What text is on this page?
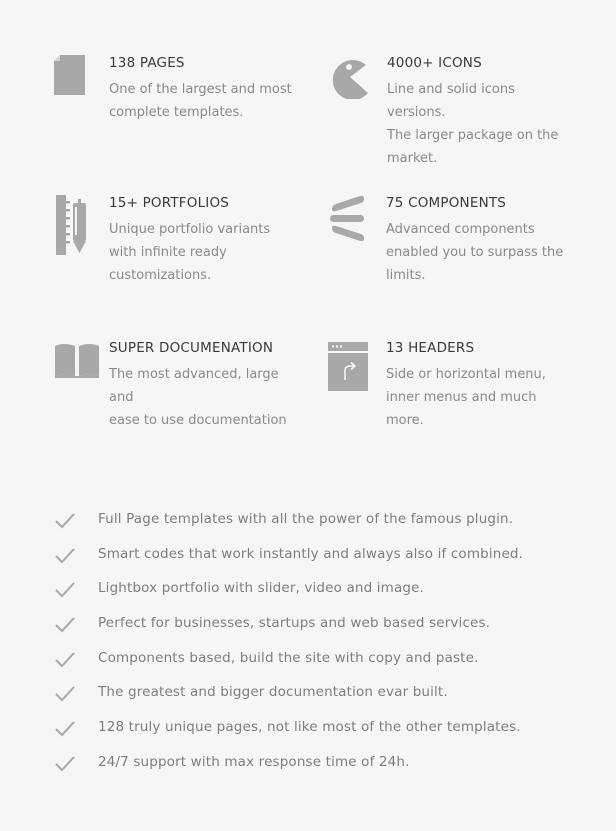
138 PAGES

One of the largest and most
complete templates.

4000+ ICONS

Line and solid icons versions.
The larger package on the
market.

15+ PORTFOLIOS

Unique portfolio variants
with infinite ready
customizations.

75 COMPONENTS

Advanced components
enabled you to surpass the
limits.

SUPER DOCUMENATION

The most advanced, large and
ease to use documentation

13 HEADERS

Side or horizontal menu,
inner menus and much more.

Full Page templates with all the power of the famous plugin.
Smart codes that work instantly and always also if combined.
Lightbox portfolio with slider, video and image.
Perfect for businesses, startups and web based services.
Components based, build the site with copy and paste.
The greatest and bigger documentation evar built.
128 truly unique pages, not like most of the other templates.
24/7 support with max response time of 24h.
